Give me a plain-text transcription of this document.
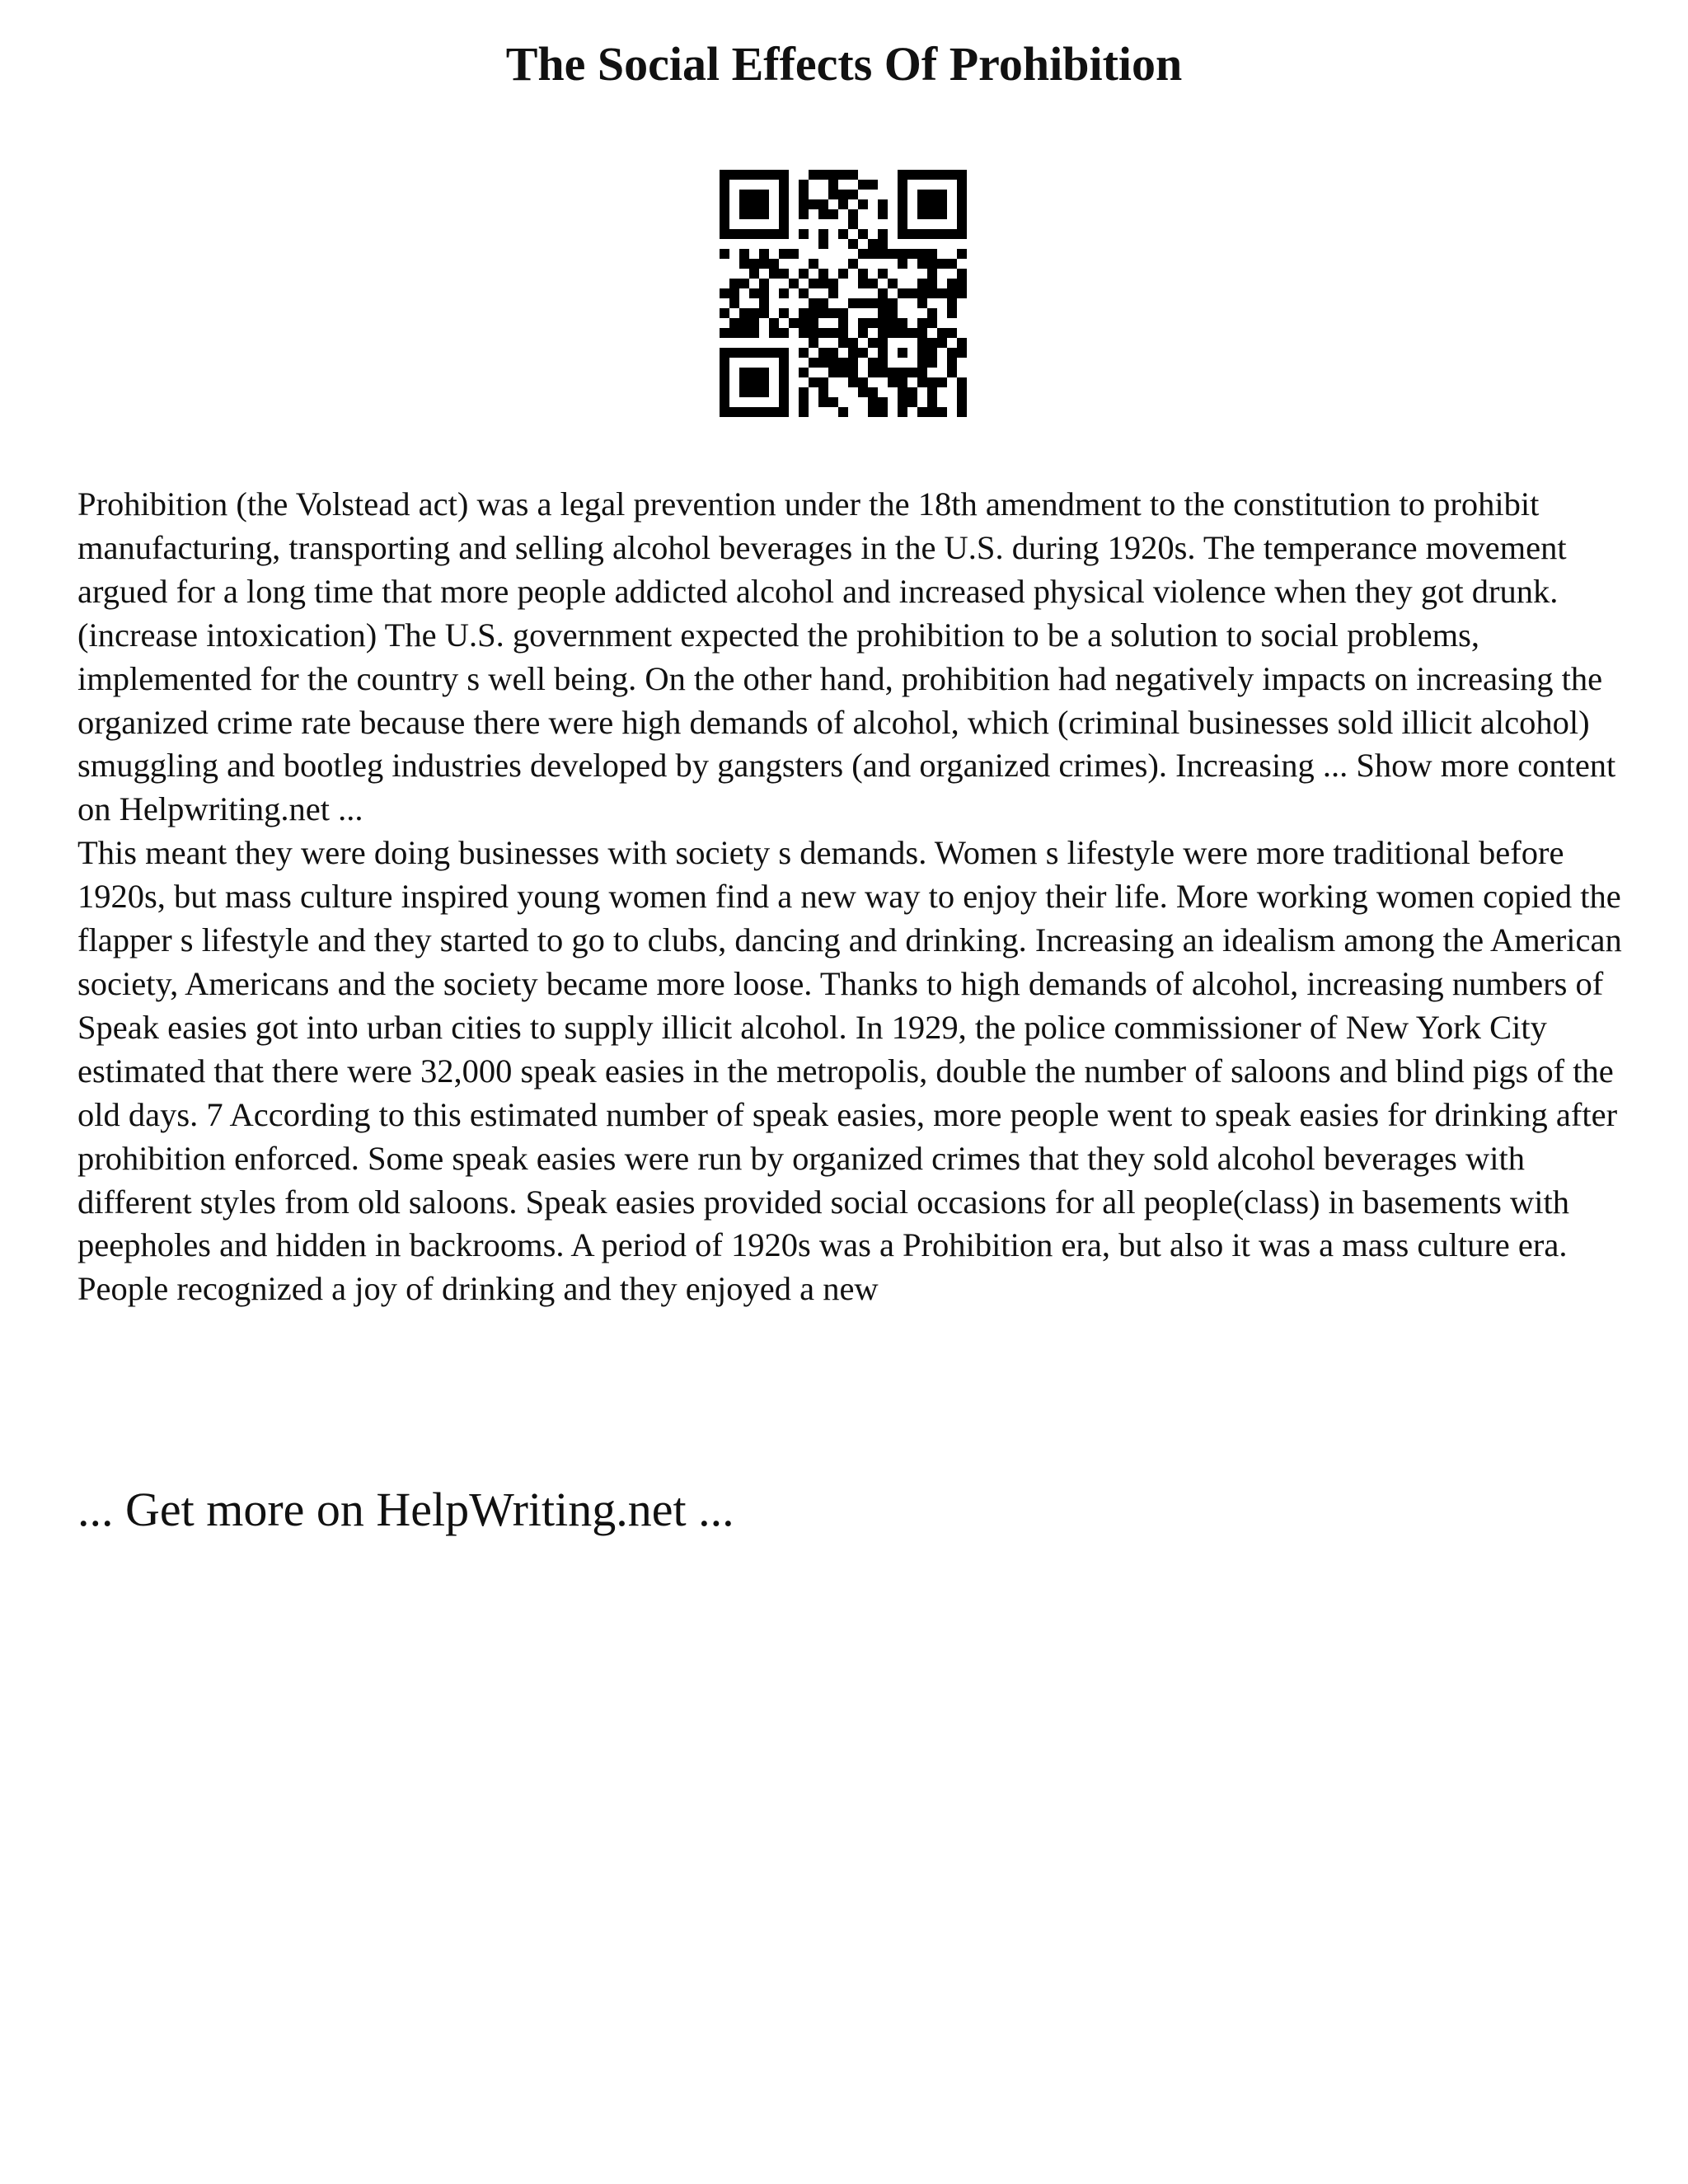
The Social Effects Of Prohibition

Prohibition (the Volstead act) was a legal prevention under the 18th amendment to the constitution to prohibit manufacturing, transporting and selling alcohol beverages in the U.S. during 1920s. The temperance movement argued for a long time that more people addicted alcohol and increased physical violence when they got drunk. (increase intoxication) The U.S. government expected the prohibition to be a solution to social problems, implemented for the country s well being. On the other hand, prohibition had negatively impacts on increasing the organized crime rate because there were high demands of alcohol, which (criminal businesses sold illicit alcohol) smuggling and bootleg industries developed by gangsters (and organized crimes). Increasing ... Show more content on Helpwriting.net ...

This meant they were doing businesses with society s demands. Women s lifestyle were more traditional before 1920s, but mass culture inspired young women find a new way to enjoy their life. More working women copied the flapper s lifestyle and they started to go to clubs, dancing and drinking. Increasing an idealism among the American society, Americans and the society became more loose. Thanks to high demands of alcohol, increasing numbers of Speak easies got into urban cities to supply illicit alcohol. In 1929, the police commissioner of New York City estimated that there were 32,000 speak easies in the metropolis, double the number of saloons and blind pigs of the old days. 7 According to this estimated number of speak easies, more people went to speak easies for drinking after prohibition enforced. Some speak easies were run by organized crimes that they sold alcohol beverages with different styles from old saloons. Speak easies provided social occasions for all people(class) in basements with peepholes and hidden in backrooms. A period of 1920s was a Prohibition era, but also it was a mass culture era. People recognized a joy of drinking and they enjoyed a new

... Get more on HelpWriting.net ...
